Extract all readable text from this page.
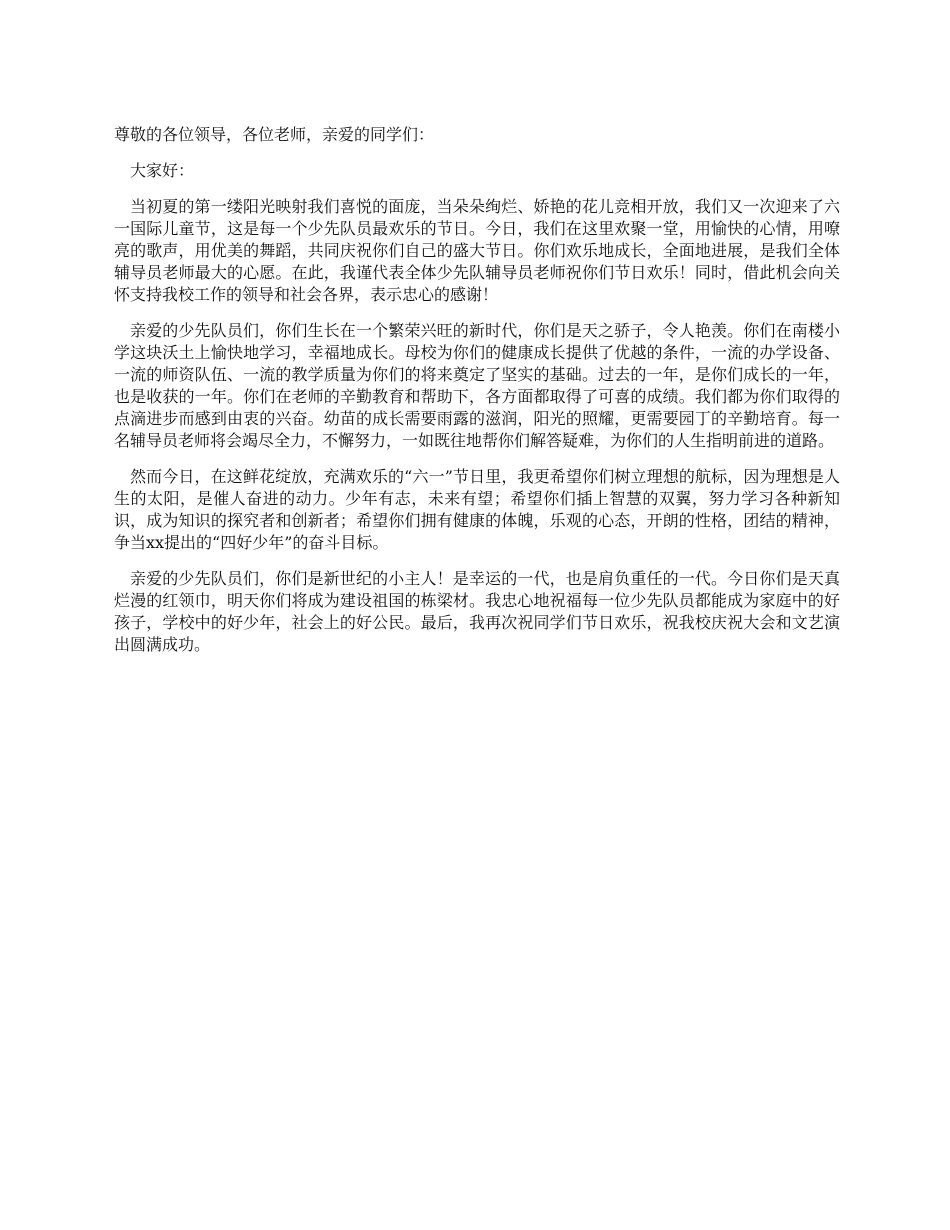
尊敬的各位领导，各位老师，亲爱的同学们：

大家好：

当初夏的第一缕阳光映射我们喜悦的面庞，当朵朵绚烂、娇艳的花儿竞相开放，我们又一次迎来了六一国际儿童节，这是每一个少先队员最欢乐的节日。今日，我们在这里欢聚一堂，用愉快的心情，用嘹亮的歌声，用优美的舞蹈，共同庆祝你们自己的盛大节日。你们欢乐地成长，全面地进展，是我们全体辅导员老师最大的心愿。在此，我谨代表全体少先队辅导员老师祝你们节日欢乐！同时，借此机会向关怀支持我校工作的领导和社会各界，表示忠心的感谢！

亲爱的少先队员们，你们生长在一个繁荣兴旺的新时代，你们是天之骄子，令人艳羡。你们在南楼小学这块沃土上愉快地学习，幸福地成长。母校为你们的健康成长提供了优越的条件，一流的办学设备、一流的师资队伍、一流的教学质量为你们的将来奠定了坚实的基础。过去的一年，是你们成长的一年，也是收获的一年。你们在老师的辛勤教育和帮助下，各方面都取得了可喜的成绩。我们都为你们取得的点滴进步而感到由衷的兴奋。幼苗的成长需要雨露的滋润，阳光的照耀，更需要园丁的辛勤培育。每一名辅导员老师将会竭尽全力，不懈努力，一如既往地帮你们解答疑难，为你们的人生指明前进的道路。

然而今日，在这鲜花绽放，充满欢乐的“六一”节日里，我更希望你们树立理想的航标，因为理想是人生的太阳，是催人奋进的动力。少年有志，未来有望；希望你们插上智慧的双翼，努力学习各种新知识，成为知识的探究者和创新者；希望你们拥有健康的体魄，乐观的心态，开朗的性格，团结的精神，争当xx提出的“四好少年”的奋斗目标。

亲爱的少先队员们，你们是新世纪的小主人！是幸运的一代，也是肩负重任的一代。今日你们是天真烂漫的红领巾，明天你们将成为建设祖国的栋梁材。我忠心地祝福每一位少先队员都能成为家庭中的好孩子，学校中的好少年，社会上的好公民。最后，我再次祝同学们节日欢乐，祝我校庆祝大会和文艺演出圆满成功。
